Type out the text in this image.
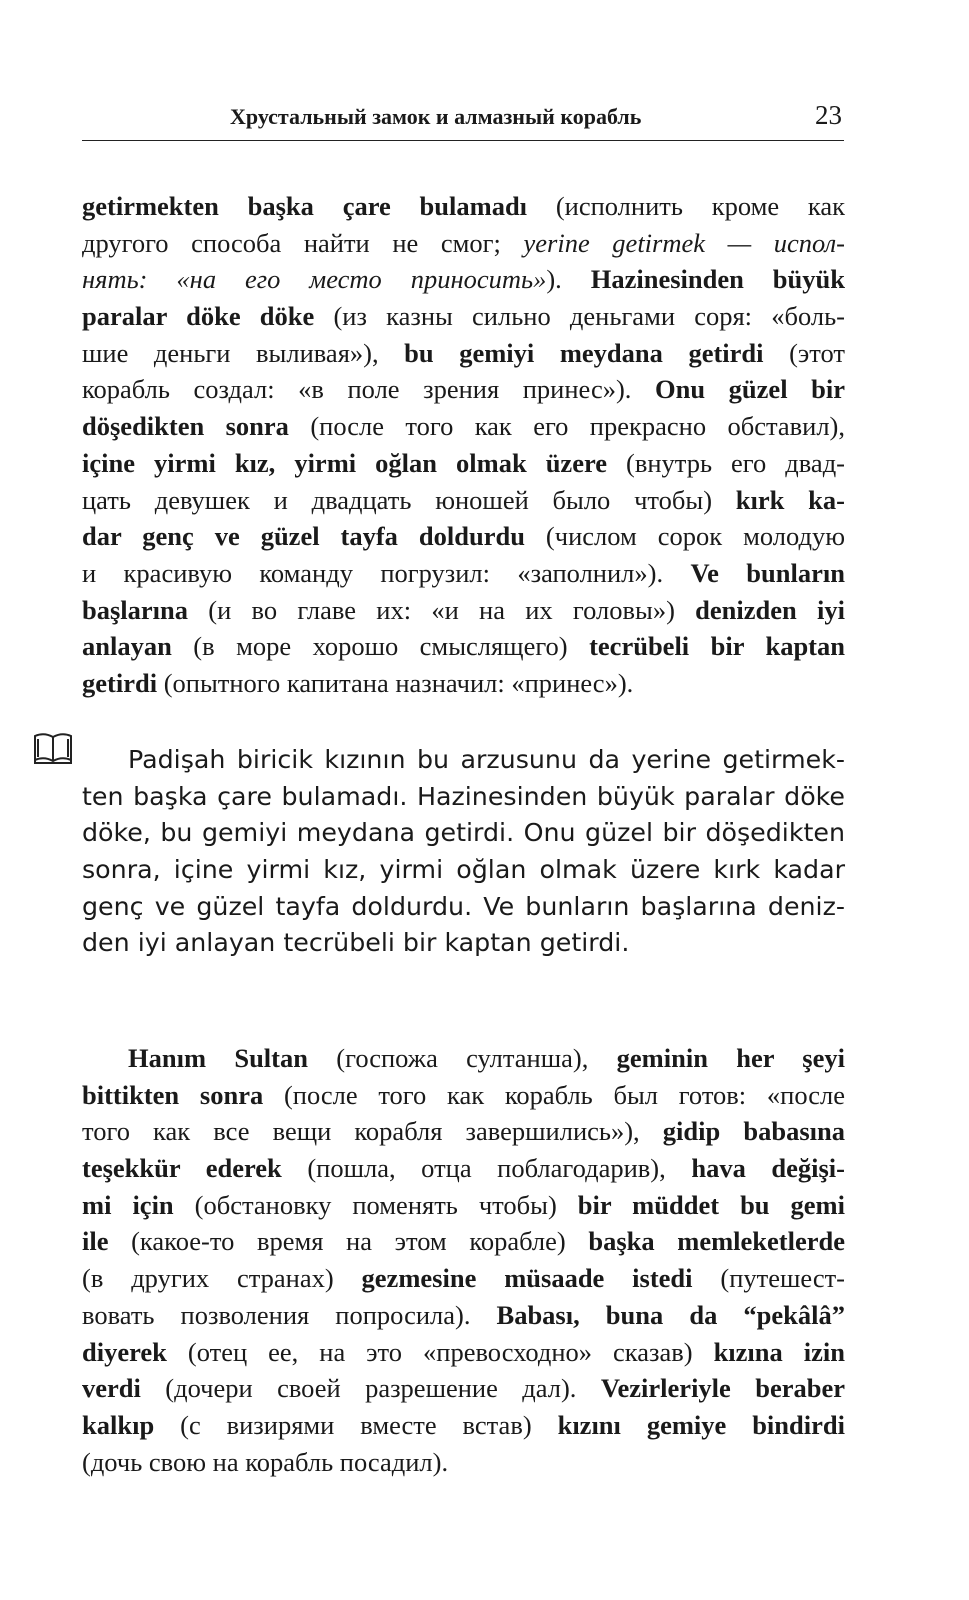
Хрустальный замок и алмазный корабль	23
getirmekten başka çare bulamadı (исполнить кроме как
другого способа найти не смог; yerine getirmek — испол-
нять: «на его место приносить»). Hazinesinden büyük
paralar döke döke (из казны сильно деньгами соря: «боль-
шие деньги выливая»), bu gemiyi meydana getirdi (этот
корабль создал: «в поле зрения принес»). Onu güzel bir
döşedikten sonra (после того как его прекрасно обставил),
içine yirmi kız, yirmi oğlan olmak üzere (внутрь его двад-
цать девушек и двадцать юношей было чтобы) kırk ka-
dar genç ve güzel tayfa doldurdu (числом сорок молодую
и красивую команду погрузил: «заполнил»). Ve bunların
başlarına (и во главе их: «и на их головы») denizden iyi
anlayan (в море хорошо смыслящего) tecrübeli bir kaptan
getirdi (опытного капитана назначил: «принес»).
Padişah biricik kızının bu arzusunu da yerine getirmek-
ten başka çare bulamadı. Hazinesinden büyük paralar döke
döke, bu gemiyi meydana getirdi. Onu güzel bir döşedikten
sonra, içine yirmi kız, yirmi oğlan olmak üzere kırk kadar
genç ve güzel tayfa doldurdu. Ve bunların başlarına deniz-
den iyi anlayan tecrübeli bir kaptan getirdi.
Hanım Sultan (госпожа султанша), geminin her şeyi
bittikten sonra (после того как корабль был готов: «после
того как все вещи корабля завершились»), gidip babasına
teşekkür ederek (пошла, отца поблагодарив), hava değişi-
mi için (обстановку поменять чтобы) bir müddet bu gemi
ile (какое-то время на этом корабле) başka memleketlerde
(в других странах) gezmesine müsaade istedi (путешест-
вовать позволения попросила). Babası, buna da “pekâlâ”
diyerek (отец ее, на это «превосходно» сказав) kızına izin
verdi (дочери своей разрешение дал). Vezirleriyle beraber
kalkıp (с визирями вместе встав) kızını gemiye bindirdi
(дочь свою на корабль посадил).
